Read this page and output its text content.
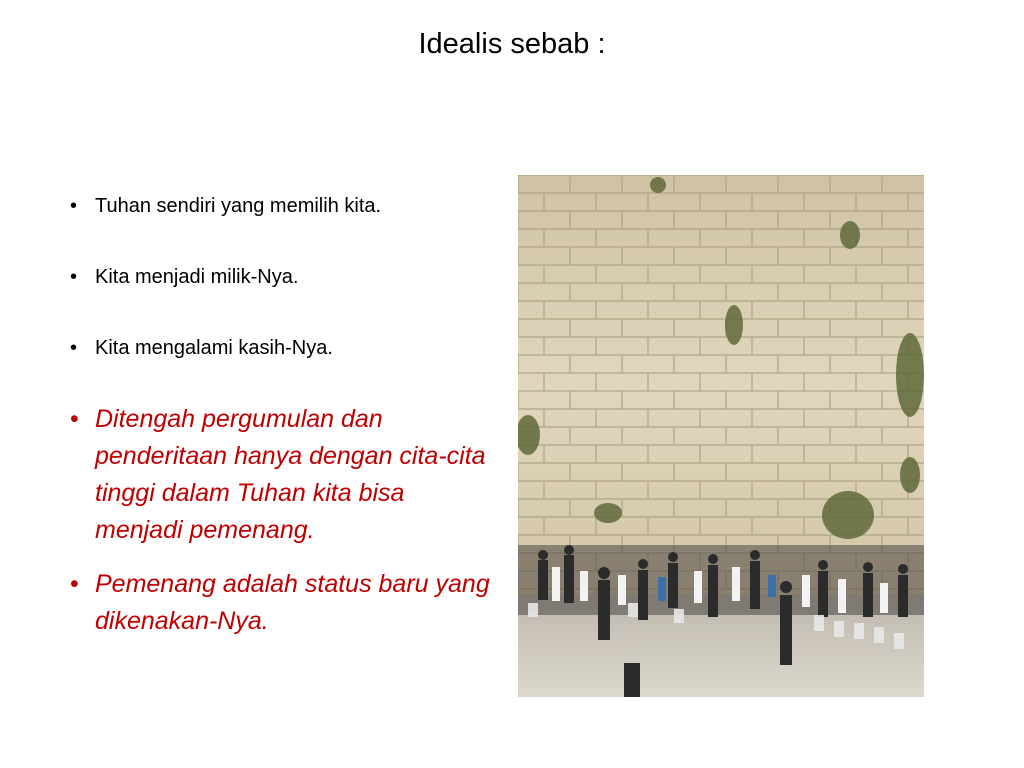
Idealis sebab :
• Tuhan sendiri yang memilih kita.
• Kita menjadi milik-Nya.
• Kita mengalami kasih-Nya.
• Ditengah pergumulan dan penderitaan hanya dengan cita-cita tinggi dalam Tuhan kita bisa menjadi pemenang.
• Pemenang adalah status baru yang dikenakan-Nya.
